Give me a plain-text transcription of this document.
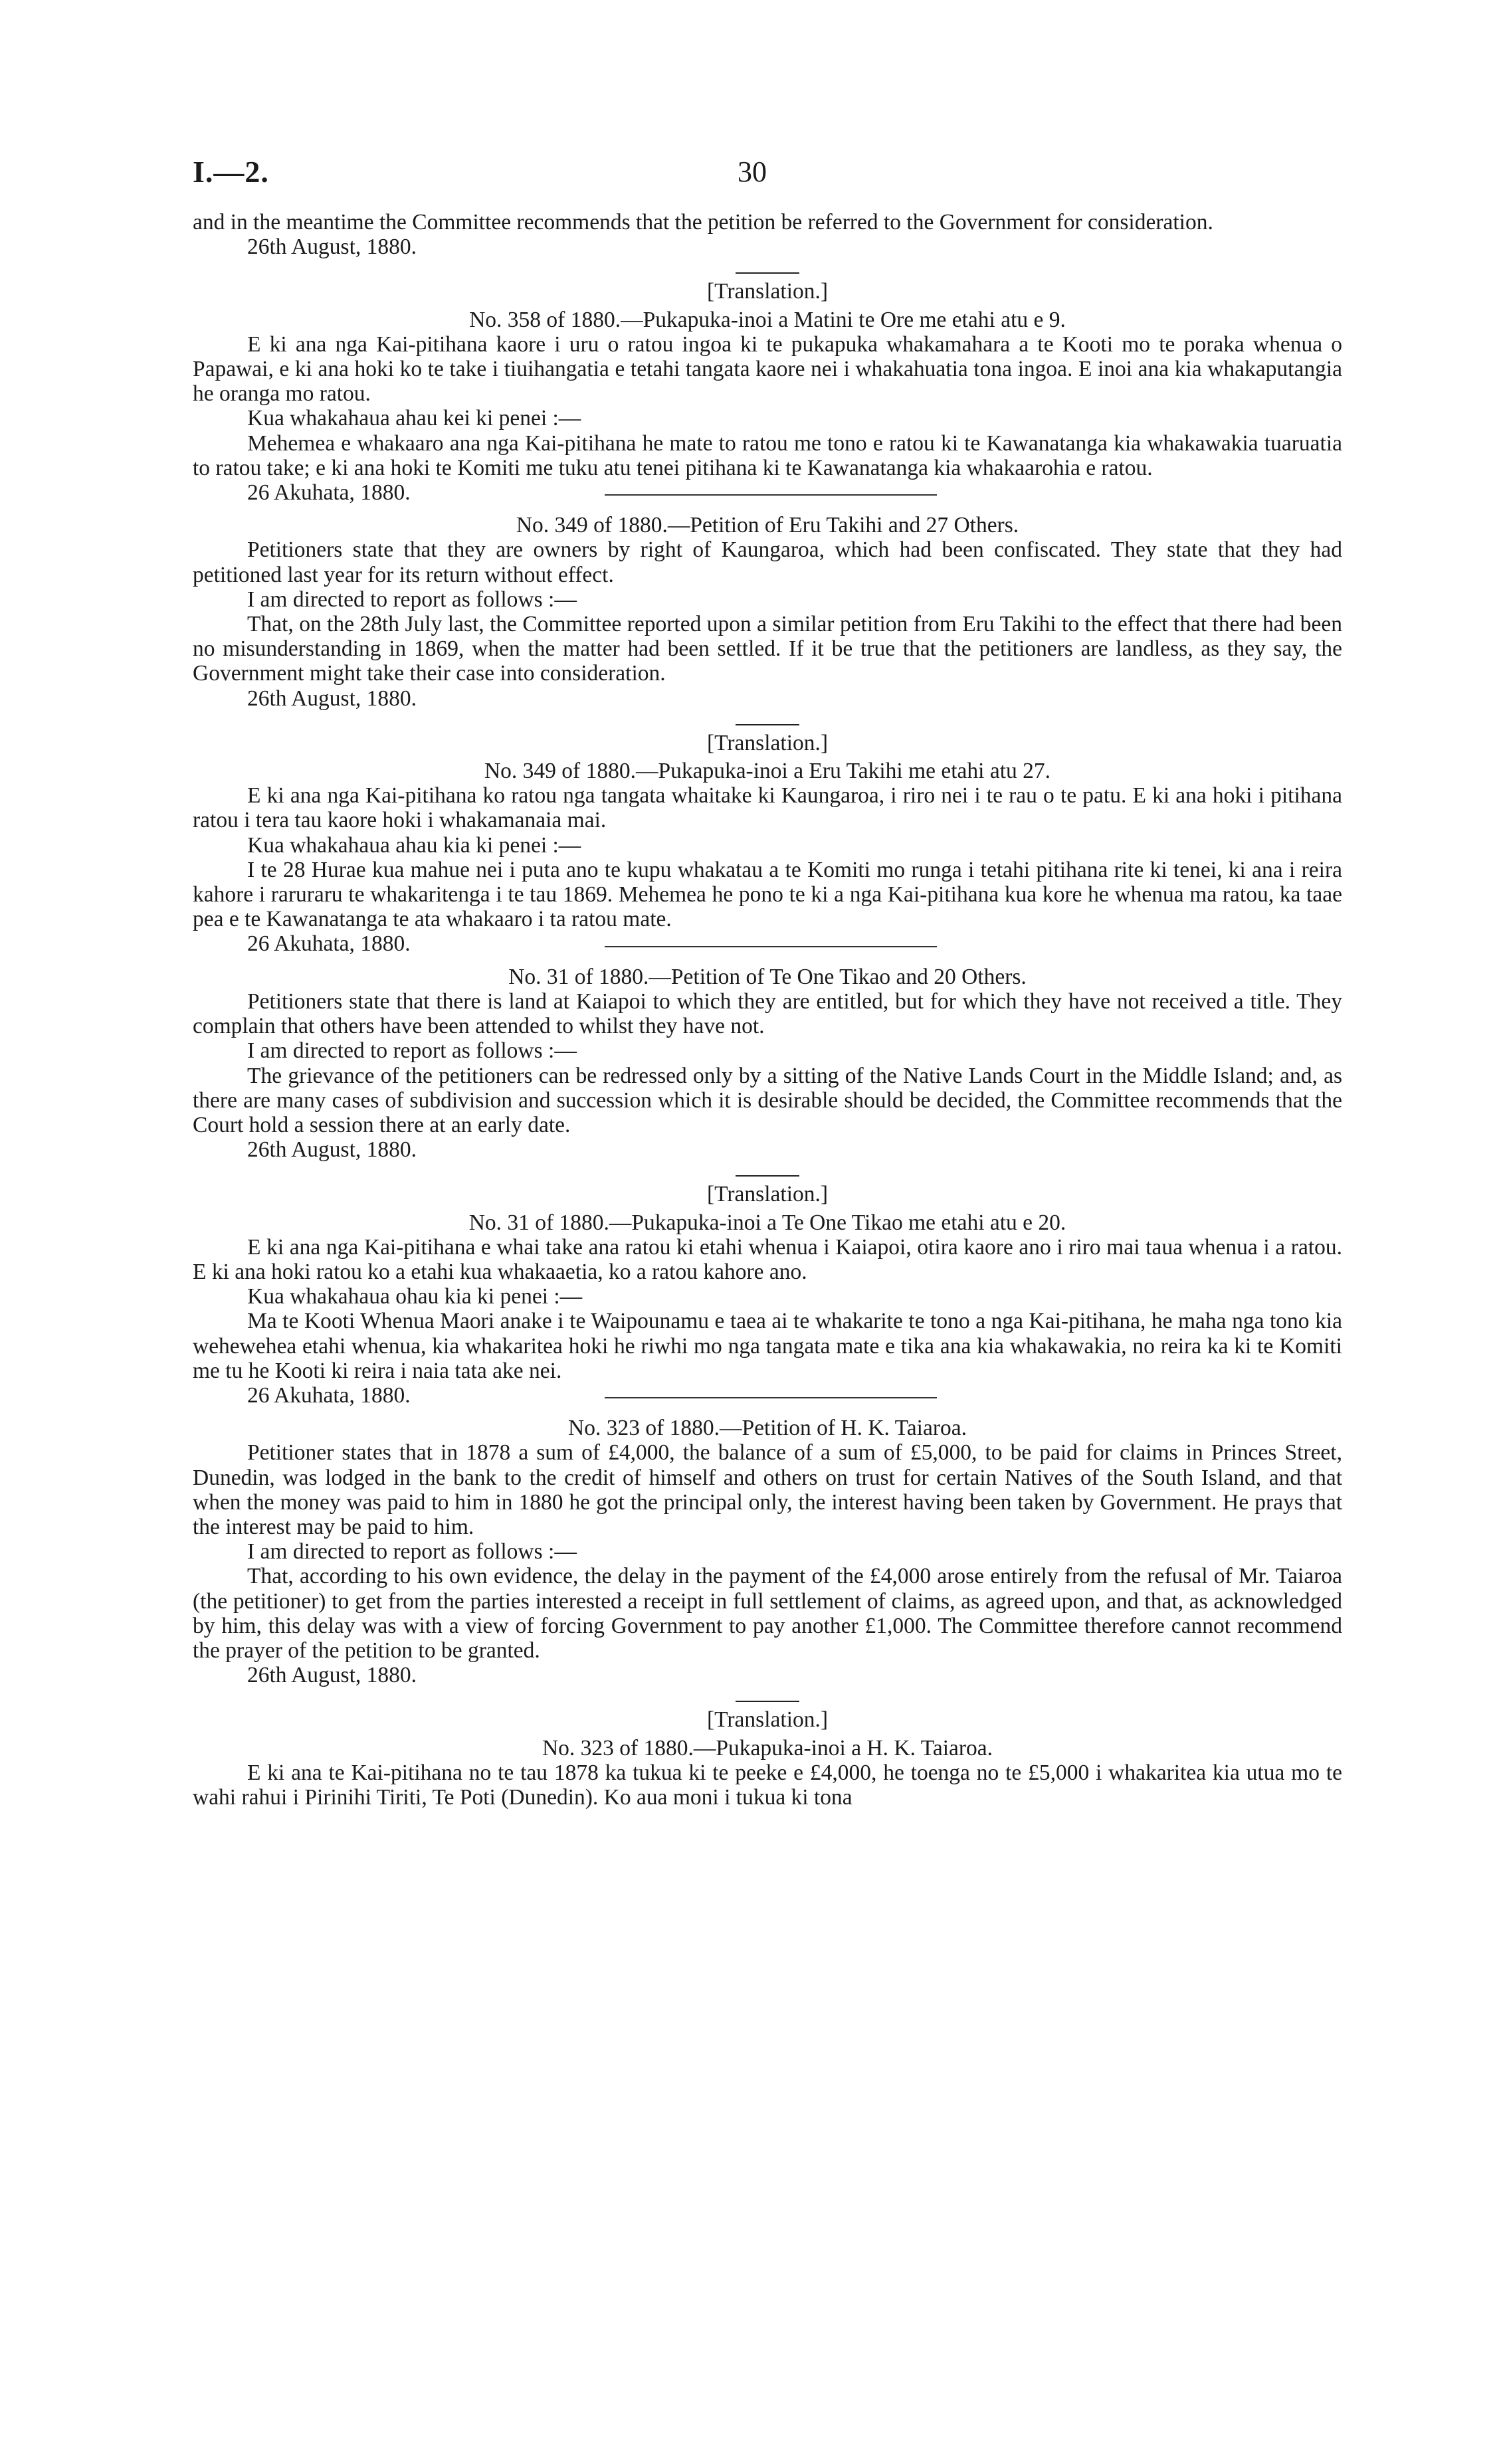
I.—2.	30

and in the meantime the Committee recommends that the petition be referred to the Government for consideration.

26th August, 1880.

[Translation.]

No. 358 of 1880.—Pukapuka-inoi a Matini te Ore me etahi atu e 9.

E ki ana nga Kai-pitihana kaore i uru o ratou ingoa ki te pukapuka whakamahara a te Kooti mo te poraka whenua o Papawai, e ki ana hoki ko te take i tiuihangatia e tetahi tangata kaore nei i whakahuatia tona ingoa. E inoi ana kia whakaputangia he oranga mo ratou.

Kua whakahaua ahau kei ki penei :—

Mehemea e whakaaro ana nga Kai-pitihana he mate to ratou me tono e ratou ki te Kawanatanga kia whakawakia tuaruatia to ratou take; e ki ana hoki te Komiti me tuku atu tenei pitihana ki te Kawanatanga kia whakaarohia e ratou.

26 Akuhata, 1880.

No. 349 of 1880.—Petition of Eru Takihi and 27 Others.

Petitioners state that they are owners by right of Kaungaroa, which had been confiscated. They state that they had petitioned last year for its return without effect.

I am directed to report as follows :—

That, on the 28th July last, the Committee reported upon a similar petition from Eru Takihi to the effect that there had been no misunderstanding in 1869, when the matter had been settled. If it be true that the petitioners are landless, as they say, the Government might take their case into consideration.

26th August, 1880.

[Translation.]

No. 349 of 1880.—Pukapuka-inoi a Eru Takihi me etahi atu 27.

E ki ana nga Kai-pitihana ko ratou nga tangata whaitake ki Kaungaroa, i riro nei i te rau o te patu. E ki ana hoki i pitihana ratou i tera tau kaore hoki i whakamanaia mai.

Kua whakahaua ahau kia ki penei :—

I te 28 Hurae kua mahue nei i puta ano te kupu whakatau a te Komiti mo runga i tetahi pitihana rite ki tenei, ki ana i reira kahore i raruraru te whakaritenga i te tau 1869. Mehemea he pono te ki a nga Kai-pitihana kua kore he whenua ma ratou, ka taae pea e te Kawanatanga te ata whakaaro i ta ratou mate.

26 Akuhata, 1880.

No. 31 of 1880.—Petition of Te One Tikao and 20 Others.

Petitioners state that there is land at Kaiapoi to which they are entitled, but for which they have not received a title. They complain that others have been attended to whilst they have not.

I am directed to report as follows :—

The grievance of the petitioners can be redressed only by a sitting of the Native Lands Court in the Middle Island; and, as there are many cases of subdivision and succession which it is desirable should be decided, the Committee recommends that the Court hold a session there at an early date.

26th August, 1880.

[Translation.]

No. 31 of 1880.—Pukapuka-inoi a Te One Tikao me etahi atu e 20.

E ki ana nga Kai-pitihana e whai take ana ratou ki etahi whenua i Kaiapoi, otira kaore ano i riro mai taua whenua i a ratou. E ki ana hoki ratou ko a etahi kua whakaaetia, ko a ratou kahore ano.

Kua whakahaua ohau kia ki penei :—

Ma te Kooti Whenua Maori anake i te Waipounamu e taea ai te whakarite te tono a nga Kai-pitihana, he maha nga tono kia wehewehea etahi whenua, kia whakaritea hoki he riwhi mo nga tangata mate e tika ana kia whakawakia, no reira ka ki te Komiti me tu he Kooti ki reira i naia tata ake nei.

26 Akuhata, 1880.

No. 323 of 1880.—Petition of H. K. Taiaroa.

Petitioner states that in 1878 a sum of £4,000, the balance of a sum of £5,000, to be paid for claims in Princes Street, Dunedin, was lodged in the bank to the credit of himself and others on trust for certain Natives of the South Island, and that when the money was paid to him in 1880 he got the principal only, the interest having been taken by Government. He prays that the interest may be paid to him.

I am directed to report as follows :—

That, according to his own evidence, the delay in the payment of the £4,000 arose entirely from the refusal of Mr. Taiaroa (the petitioner) to get from the parties interested a receipt in full settlement of claims, as agreed upon, and that, as acknowledged by him, this delay was with a view of forcing Government to pay another £1,000. The Committee therefore cannot recommend the prayer of the petition to be granted.

26th August, 1880.

[Translation.]

No. 323 of 1880.—Pukapuka-inoi a H. K. Taiaroa.

E ki ana te Kai-pitihana no te tau 1878 ka tukua ki te peeke e £4,000, he toenga no te £5,000 i whakaritea kia utua mo te wahi rahui i Pirinihi Tiriti, Te Poti (Dunedin). Ko aua moni i tukua ki tona
